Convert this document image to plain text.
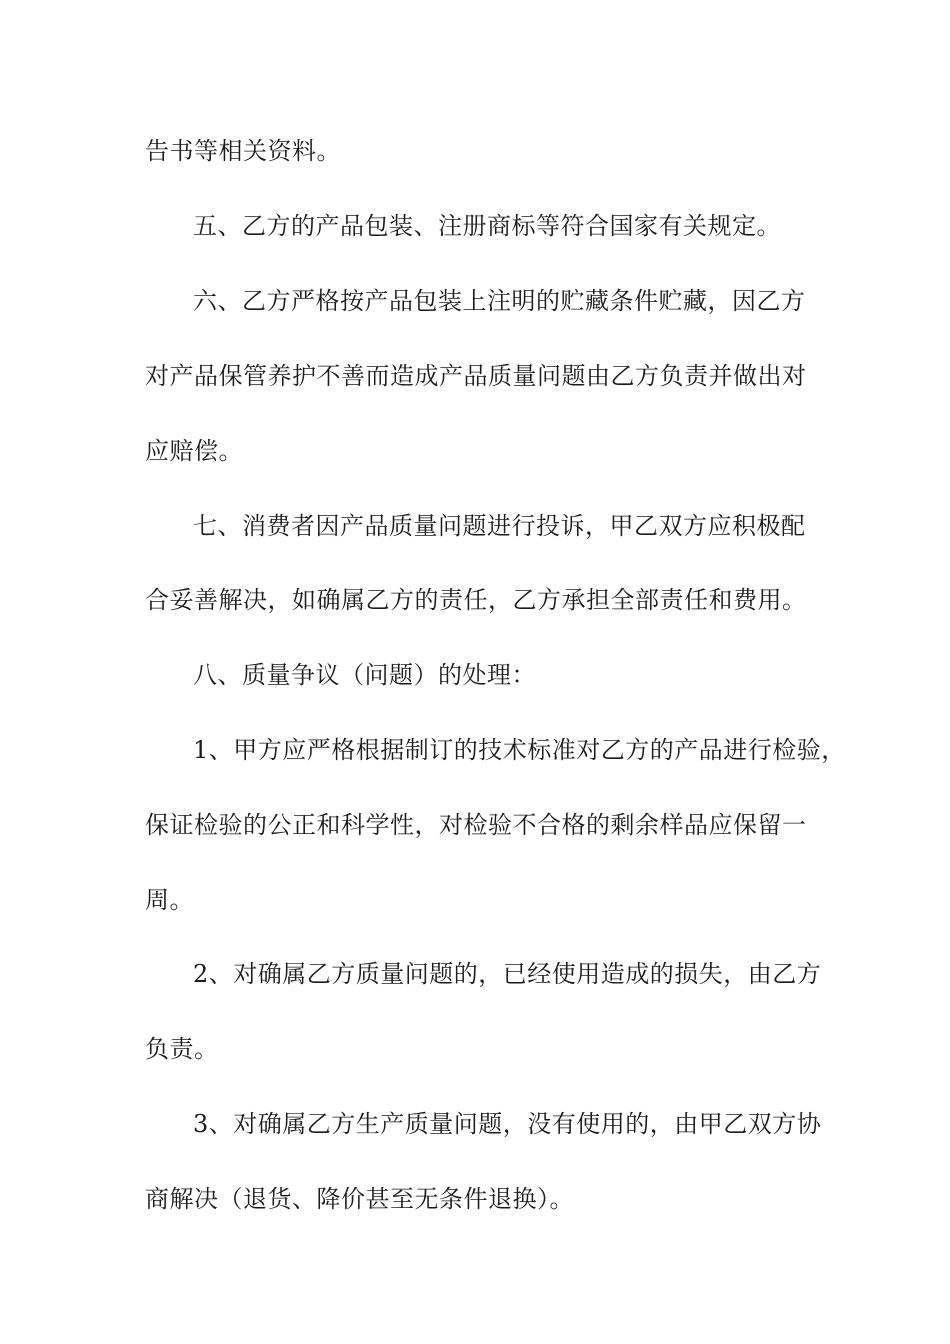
告书等相关资料。
五、乙方的产品包装、注册商标等符合国家有关规定。
六、乙方严格按产品包装上注明的贮藏条件贮藏，因乙方
对产品保管养护不善而造成产品质量问题由乙方负责并做出对
应赔偿。
七、消费者因产品质量问题进行投诉，甲乙双方应积极配
合妥善解决，如确属乙方的责任，乙方承担全部责任和费用。
八、质量争议（问题）的处理：
1、甲方应严格根据制订的技术标准对乙方的产品进行检验，
保证检验的公正和科学性，对检验不合格的剩余样品应保留一
周。
2、对确属乙方质量问题的，已经使用造成的损失，由乙方
负责。
3、对确属乙方生产质量问题，没有使用的，由甲乙双方协
商解决（退货、降价甚至无条件退换）。
